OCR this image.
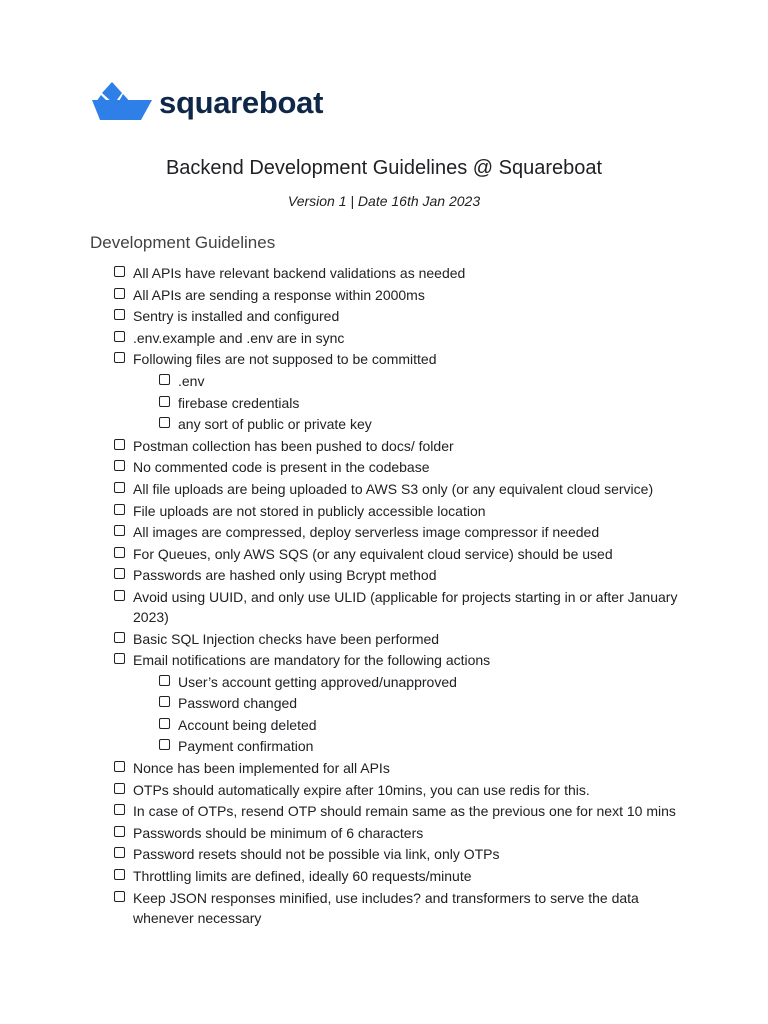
squareboat
Backend Development Guidelines @ Squareboat
Version 1 | Date 16th Jan 2023
Development Guidelines
All APIs have relevant backend validations as needed
All APIs are sending a response within 2000ms
Sentry is installed and configured
.env.example and .env are in sync
Following files are not supposed to be committed
.env
firebase credentials
any sort of public or private key
Postman collection has been pushed to docs/ folder
No commented code is present in the codebase
All file uploads are being uploaded to AWS S3 only (or any equivalent cloud service)
File uploads are not stored in publicly accessible location
All images are compressed, deploy serverless image compressor if needed
For Queues, only AWS SQS (or any equivalent cloud service) should be used
Passwords are hashed only using Bcrypt method
Avoid using UUID, and only use ULID (applicable for projects starting in or after January 2023)
Basic SQL Injection checks have been performed
Email notifications are mandatory for the following actions
User’s account getting approved/unapproved
Password changed
Account being deleted
Payment confirmation
Nonce has been implemented for all APIs
OTPs should automatically expire after 10mins, you can use redis for this.
In case of OTPs, resend OTP should remain same as the previous one for next 10 mins
Passwords should be minimum of 6 characters
Password resets should not be possible via link, only OTPs
Throttling limits are defined, ideally 60 requests/minute
Keep JSON responses minified, use includes? and transformers to serve the data whenever necessary
